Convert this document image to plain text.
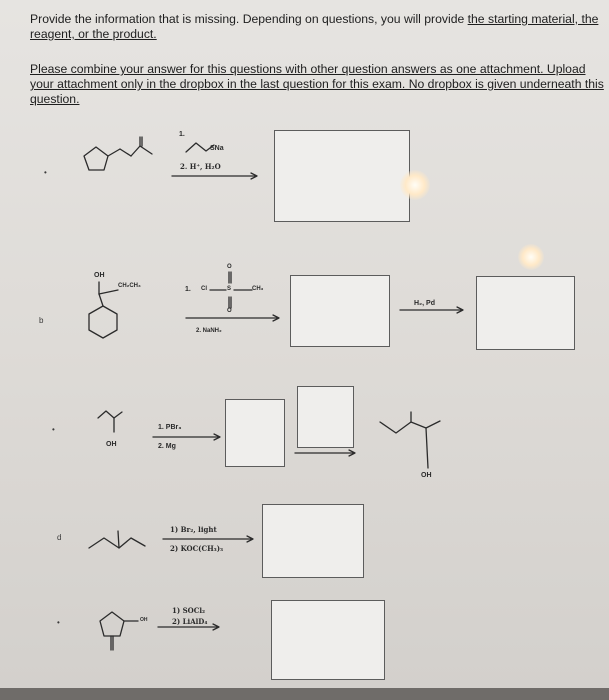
Provide the information that is missing. Depending on questions, you will provide the starting material, the reagent, or the product.
Please combine your answer for this questions with other question answers as one attachment. Upload your attachment only in the dropbox in the last question for this exam. No dropbox is given underneath this question.
•
b
•
d
•
1.
SNa
2. H⁺, H₂O
OH
CH₂CH₃	1. Cl	S	CH₃
O
O
2. NaNH₂
H₂, Pd
OH
1. PBr₃
2. Mg
OH
1) Br₂, light
2) KOC(CH₃)₃
OH
1) SOCl₂
2) LiAlD₄
